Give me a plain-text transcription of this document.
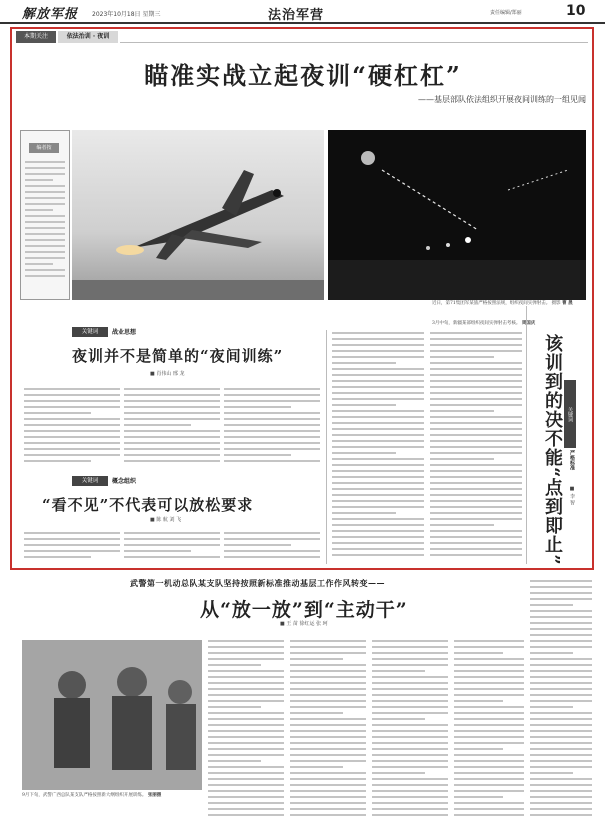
解放军报 2023年10月18日 星期三	法治军营	责任编辑/郑丽	10
本期关注	依法治训 · 夜训
瞄准实战立起夜训“硬杠杠”
——基层部队依法组织开展夜间训练的一组见闻
编者按
近日，第71集团军某旅严格按照法规，组织夜间实弹射击。 摄影 曹 晟
3月中旬，新疆某部组织夜间实弹射击考核。 周国庆
关键词	战业思想
夜训并不是简单的“夜间训练”
■ 肖伟山 邢 龙
关键词	概念组织
“看不见”不代表可以放松要求
■ 陈 航 刘 飞	该训到的决不能“点到即止” 关键词
严格标准
■ 李 智
武警第一机动总队某支队坚持按照新标准推动基层工作作风转变——
从“放一放”到“主动干”
■ 王 苗 徐红运 张 珂
9月下旬，武警广西总队某支队严格按照新大纲组织开展训练。 张丽摄
